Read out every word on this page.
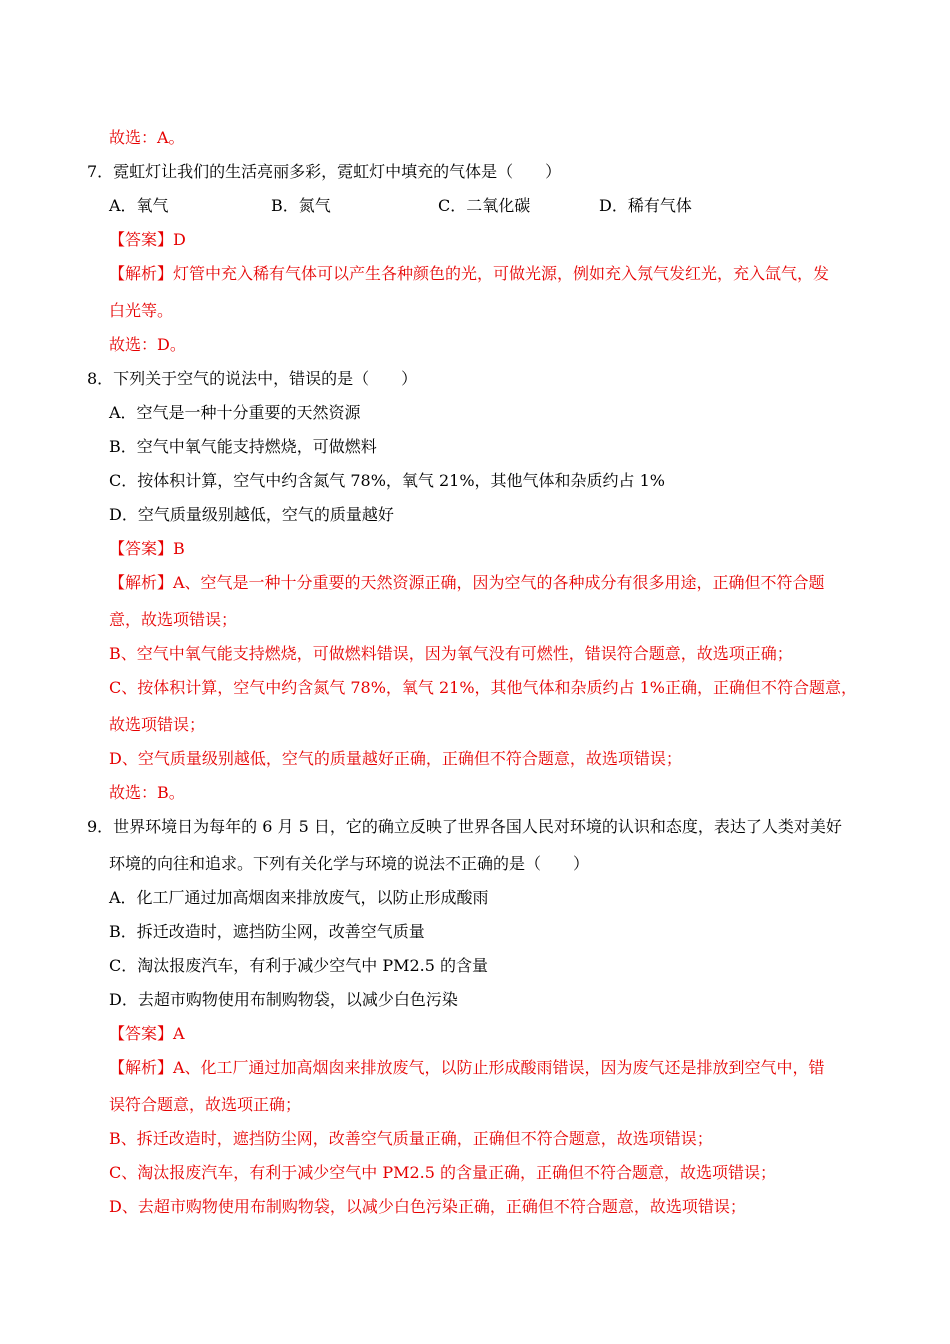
故选：A。
7．霓虹灯让我们的生活亮丽多彩，霓虹灯中填充的气体是（　　）
A．氧气	B．氮气	C．二氧化碳	D．稀有气体
【答案】D
【解析】灯管中充入稀有气体可以产生各种颜色的光，可做光源，例如充入氖气发红光，充入氙气，发
白光等。
故选：D。
8．下列关于空气的说法中，错误的是（　　）
A．空气是一种十分重要的天然资源
B．空气中氧气能支持燃烧，可做燃料
C．按体积计算，空气中约含氮气 78%，氧气 21%，其他气体和杂质约占 1%
D．空气质量级别越低，空气的质量越好
【答案】B
【解析】A、空气是一种十分重要的天然资源正确，因为空气的各种成分有很多用途，正确但不符合题
意，故选项错误；
B、空气中氧气能支持燃烧，可做燃料错误，因为氧气没有可燃性，错误符合题意，故选项正确；
C、按体积计算，空气中约含氮气 78%，氧气 21%，其他气体和杂质约占 1%正确，正确但不符合题意，
故选项错误；
D、空气质量级别越低，空气的质量越好正确，正确但不符合题意，故选项错误；
故选：B。
9．世界环境日为每年的 6 月 5 日，它的确立反映了世界各国人民对环境的认识和态度，表达了人类对美好
环境的向往和追求。下列有关化学与环境的说法不正确的是（　　）
A．化工厂通过加高烟囱来排放废气，以防止形成酸雨
B．拆迁改造时，遮挡防尘网，改善空气质量
C．淘汰报废汽车，有利于减少空气中 PM2.5 的含量
D．去超市购物使用布制购物袋，以减少白色污染
【答案】A
【解析】A、化工厂通过加高烟囱来排放废气，以防止形成酸雨错误，因为废气还是排放到空气中，错
误符合题意，故选项正确；
B、拆迁改造时，遮挡防尘网，改善空气质量正确，正确但不符合题意，故选项错误；
C、淘汰报废汽车，有利于减少空气中 PM2.5 的含量正确，正确但不符合题意，故选项错误；
D、去超市购物使用布制购物袋，以减少白色污染正确，正确但不符合题意，故选项错误；
